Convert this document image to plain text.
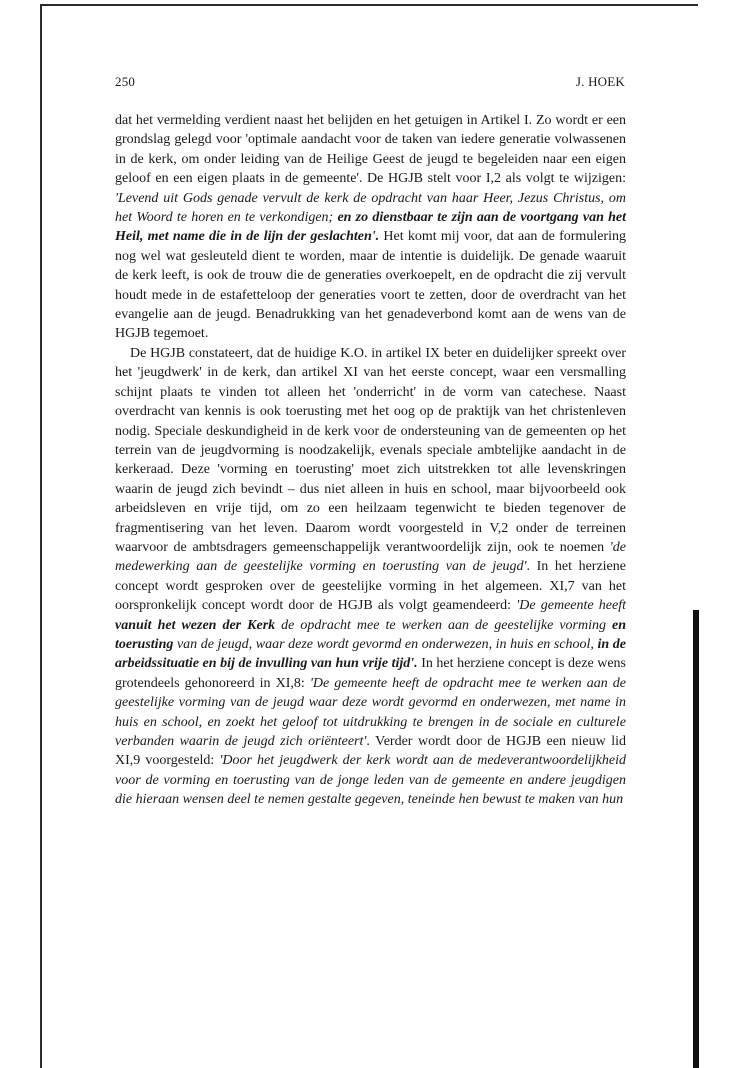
250	J. HOEK

dat het vermelding verdient naast het belijden en het getuigen in Artikel I. Zo wordt er een grondslag gelegd voor 'optimale aandacht voor de taken van iedere generatie volwassenen in de kerk, om onder leiding van de Heilige Geest de jeugd te begeleiden naar een eigen geloof en een eigen plaats in de gemeente'. De HGJB stelt voor I,2 als volgt te wijzigen: 'Levend uit Gods genade vervult de kerk de opdracht van haar Heer, Jezus Christus, om het Woord te horen en te verkondigen; en zo dienstbaar te zijn aan de voortgang van het Heil, met name die in de lijn der geslachten'. Het komt mij voor, dat aan de formulering nog wel wat gesleuteld dient te worden, maar de intentie is duidelijk. De genade waaruit de kerk leeft, is ook de trouw die de generaties overkoepelt, en de opdracht die zij vervult houdt mede in de estafetteloop der generaties voort te zetten, door de overdracht van het evangelie aan de jeugd. Benadrukking van het genadeverbond komt aan de wens van de HGJB tegemoet.

De HGJB constateert, dat de huidige K.O. in artikel IX beter en duidelijker spreekt over het 'jeugdwerk' in de kerk, dan artikel XI van het eerste concept, waar een versmalling schijnt plaats te vinden tot alleen het 'onderricht' in de vorm van catechese. Naast overdracht van kennis is ook toerusting met het oog op de praktijk van het christenleven nodig. Speciale deskundigheid in de kerk voor de ondersteuning van de gemeenten op het terrein van de jeugdvorming is noodzakelijk, evenals speciale ambtelijke aandacht in de kerkeraad. Deze 'vorming en toerusting' moet zich uitstrekken tot alle levenskringen waarin de jeugd zich bevindt – dus niet alleen in huis en school, maar bijvoorbeeld ook arbeidsleven en vrije tijd, om zo een heilzaam tegenwicht te bieden tegenover de fragmentisering van het leven. Daarom wordt voorgesteld in V,2 onder de terreinen waarvoor de ambtsdragers gemeenschappelijk verantwoordelijk zijn, ook te noemen 'de medewerking aan de geestelijke vorming en toerusting van de jeugd'. In het herziene concept wordt gesproken over de geestelijke vorming in het algemeen. XI,7 van het oorspronkelijk concept wordt door de HGJB als volgt geamendeerd: 'De gemeente heeft vanuit het wezen der Kerk de opdracht mee te werken aan de geestelijke vorming en toerusting van de jeugd, waar deze wordt gevormd en onderwezen, in huis en school, in de arbeidssituatie en bij de invulling van hun vrije tijd'. In het herziene concept is deze wens grotendeels gehonoreerd in XI,8: 'De gemeente heeft de opdracht mee te werken aan de geestelijke vorming van de jeugd waar deze wordt gevormd en onderwezen, met name in huis en school, en zoekt het geloof tot uitdrukking te brengen in de sociale en culturele verbanden waarin de jeugd zich oriënteert'. Verder wordt door de HGJB een nieuw lid XI,9 voorgesteld: 'Door het jeugdwerk der kerk wordt aan de medeverantwoordelijkheid voor de vorming en toerusting van de jonge leden van de gemeente en andere jeugdigen die hieraan wensen deel te nemen gestalte gegeven, teneinde hen bewust te maken van hun
